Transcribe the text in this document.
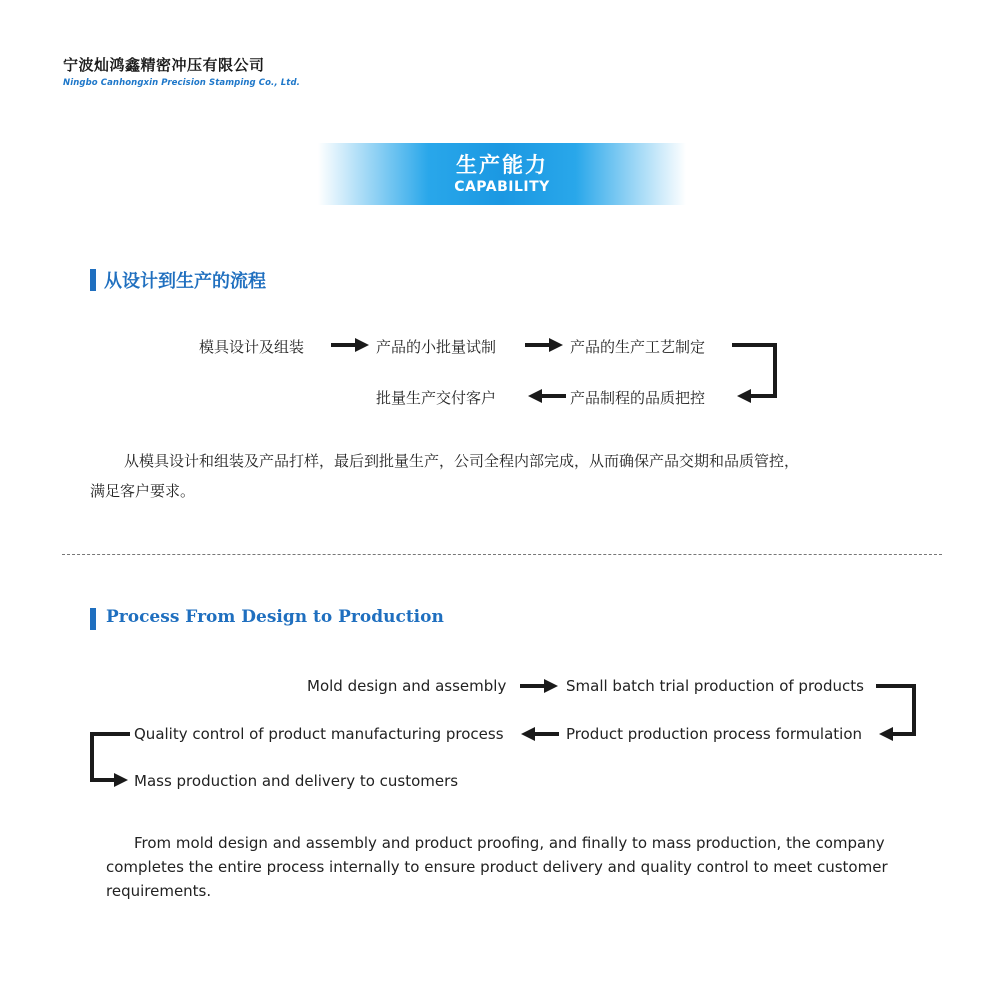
宁波灿鸿鑫精密冲压有限公司
Ningbo Canhongxin Precision Stamping Co., Ltd.
生产能力
CAPABILITY
从设计到生产的流程
模具设计及组装	产品的小批量试制	产品的生产工艺制定
产品制程的品质把控
批量生产交付客户
从模具设计和组装及产品打样，最后到批量生产，公司全程内部完成，从而确保产品交期和品质管控，
满足客户要求。
Process From Design to Production
Mold design and assembly	Small batch trial production of products
Product production process formulation
Quality control of product manufacturing process
Mass production and delivery to customers
From mold design and assembly and product proofing, and finally to mass production, the company
completes the entire process internally to ensure product delivery and quality control to meet customer
requirements.
